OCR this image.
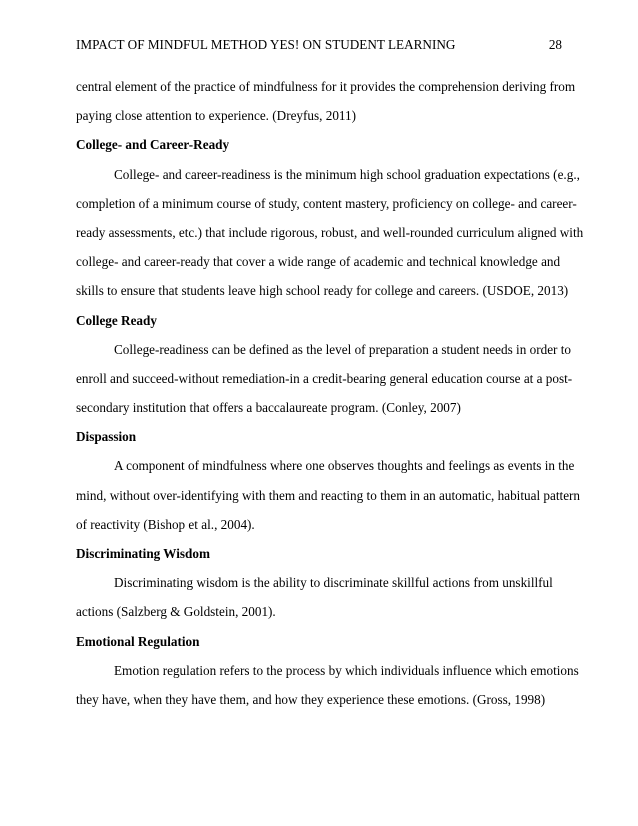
IMPACT OF MINDFUL METHOD YES! ON STUDENT LEARNING	28
central element of the practice of mindfulness for it provides the comprehension deriving from
paying close attention to experience. (Dreyfus, 2011)
College- and Career-Ready
College- and career-readiness is the minimum high school graduation expectations (e.g.,
completion of a minimum course of study, content mastery, proficiency on college- and career-
ready assessments, etc.) that include rigorous, robust, and well-rounded curriculum aligned with
college- and career-ready that cover a wide range of academic and technical knowledge and
skills to ensure that students leave high school ready for college and careers. (USDOE, 2013)
College Ready
College-readiness can be defined as the level of preparation a student needs in order to
enroll and succeed-without remediation-in a credit-bearing general education course at a post-
secondary institution that offers a baccalaureate program. (Conley, 2007)
Dispassion
A component of mindfulness where one observes thoughts and feelings as events in the
mind, without over-identifying with them and reacting to them in an automatic, habitual pattern
of reactivity (Bishop et al., 2004).
Discriminating Wisdom
Discriminating wisdom is the ability to discriminate skillful actions from unskillful
actions (Salzberg & Goldstein, 2001).
Emotional Regulation
Emotion regulation refers to the process by which individuals influence which emotions
they have, when they have them, and how they experience these emotions. (Gross, 1998)
